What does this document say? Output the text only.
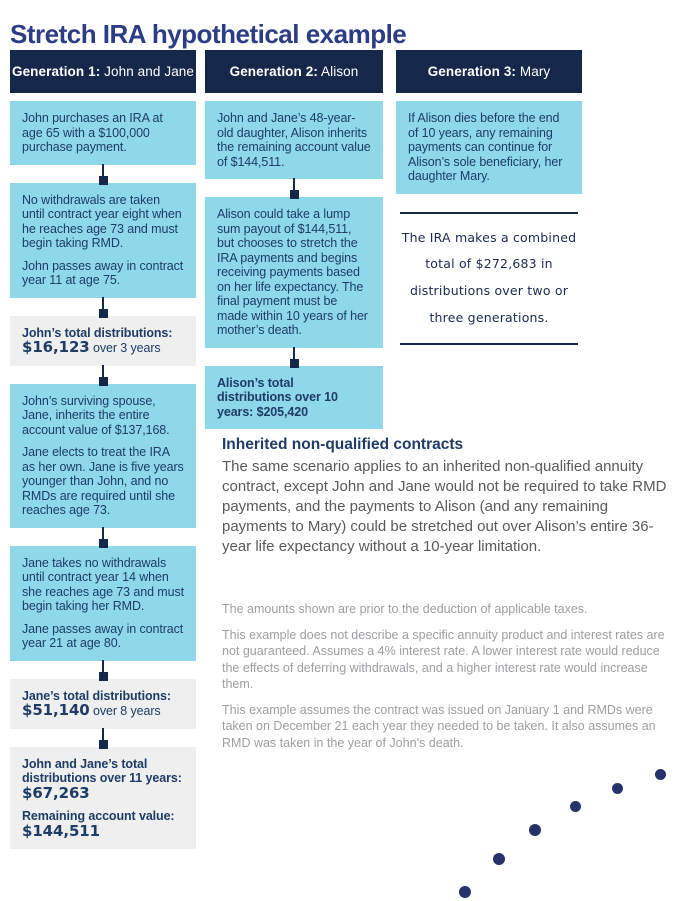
Stretch IRA hypothetical example
Generation 1: John and Jane

John purchases an IRA at age 65 with a $100,000 purchase payment.

No withdrawals are taken until contract year eight when he reaches age 73 and must begin taking RMD.

John passes away in contract year 11 at age 75.

John’s total distributions:
$16,123 over 3 years

John’s surviving spouse, Jane, inherits the entire account value of $137,168.

Jane elects to treat the IRA as her own. Jane is five years younger than John, and no RMDs are required until she reaches age 73.

Jane takes no withdrawals until contract year 14 when she reaches age 73 and must begin taking her RMD.

Jane passes away in contract year 21 at age 80.

Jane’s total distributions:
$51,140 over 8 years

John and Jane’s total distributions over 11 years: $67,263

Remaining account value:
$144,511

Generation 2: Alison

John and Jane’s 48-year-old daughter, Alison inherits the remaining account value of $144,511.

Alison could take a lump sum payout of $144,511, but chooses to stretch the IRA payments and begins receiving payments based on her life expectancy. The final payment must be made within 10 years of her mother’s death.

Alison’s total distributions over 10 years: $205,420

Generation 3: Mary

If Alison dies before the end of 10 years, any remaining payments can continue for Alison’s sole beneficiary, her daughter Mary.

The IRA makes a combined total of $272,683 in distributions over two or three generations.
Inherited non-qualified contracts

The same scenario applies to an inherited non-qualified annuity contract, except John and Jane would not be required to take RMD payments, and the payments to Alison (and any remaining payments to Mary) could be stretched out over Alison’s entire 36-year life expectancy without a 10-year limitation.

The amounts shown are prior to the deduction of applicable taxes.

This example does not describe a specific annuity product and interest rates are not guaranteed. Assumes a 4% interest rate. A lower interest rate would reduce the effects of deferring withdrawals, and a higher interest rate would increase them.

This example assumes the contract was issued on January 1 and RMDs were taken on December 21 each year they needed to be taken. It also assumes an RMD was taken in the year of John’s death.
